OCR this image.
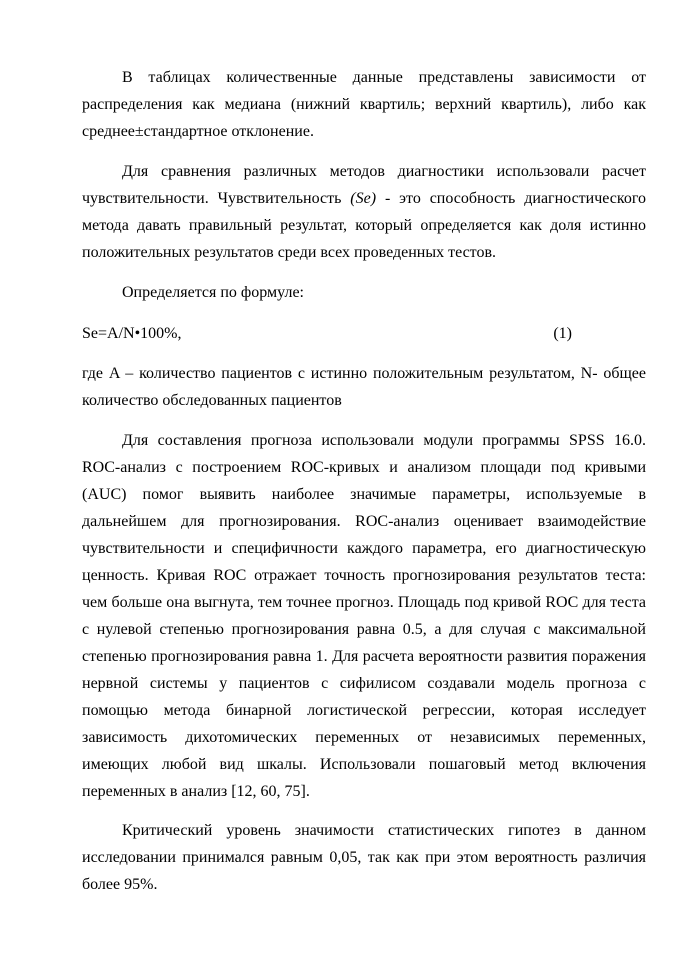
В таблицах количественные данные представлены зависимости от распределения как медиана (нижний квартиль; верхний квартиль), либо как среднее±стандартное отклонение.

Для сравнения различных методов диагностики использовали расчет чувствительности. Чувствительность (Se) - это способность диагностического метода давать правильный результат, который определяется как доля истинно положительных результатов среди всех проведенных тестов.

Определяется по формуле:

Se=A/N•100%,	(1)

где A – количество пациентов с истинно положительным результатом, N- общее количество обследованных пациентов

Для составления прогноза использовали модули программы SPSS 16.0. ROC-анализ с построением ROC-кривых и анализом площади под кривыми (AUC) помог выявить наиболее значимые параметры, используемые в дальнейшем для прогнозирования. ROC-анализ оценивает взаимодействие чувствительности и специфичности каждого параметра, его диагностическую ценность. Кривая ROC отражает точность прогнозирования результатов теста: чем больше она выгнута, тем точнее прогноз. Площадь под кривой ROC для теста с нулевой степенью прогнозирования равна 0.5, а для случая с максимальной степенью прогнозирования равна 1. Для расчета вероятности развития поражения нервной системы у пациентов с сифилисом создавали модель прогноза с помощью метода бинарной логистической регрессии, которая исследует зависимость дихотомических переменных от независимых переменных, имеющих любой вид шкалы. Использовали пошаговый метод включения переменных в анализ [12, 60, 75].

Критический уровень значимости статистических гипотез в данном исследовании принимался равным 0,05, так как при этом вероятность различия более 95%.
